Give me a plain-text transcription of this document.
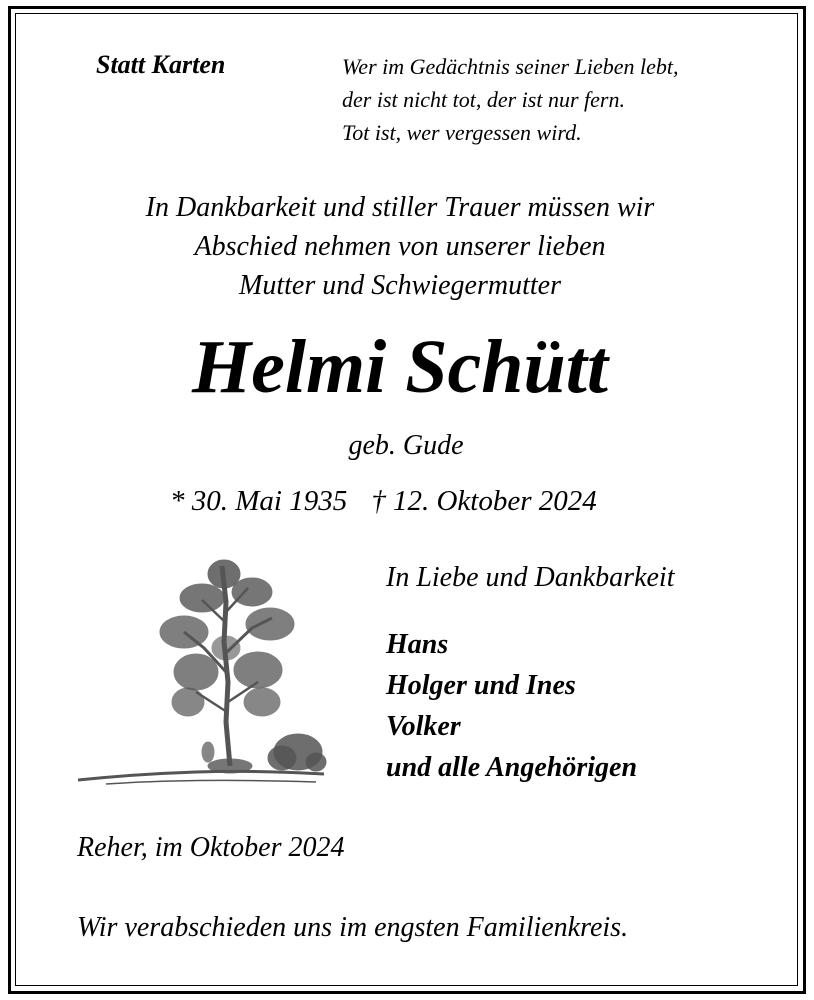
Statt Karten	Wer im Gedächtnis seiner Lieben lebt,
der ist nicht tot, der ist nur fern.
Tot ist, wer vergessen wird.
In Dankbarkeit und stiller Trauer müssen wir
Abschied nehmen von unserer lieben
Mutter und Schwiegermutter
Helmi Schütt
geb. Gude
* 30. Mai 1935 † 12. Oktober 2024
In Liebe und Dankbarkeit
Hans
Holger und Ines
Volker
und alle Angehörigen
Reher, im Oktober 2024
Wir verabschieden uns im engsten Familienkreis.
